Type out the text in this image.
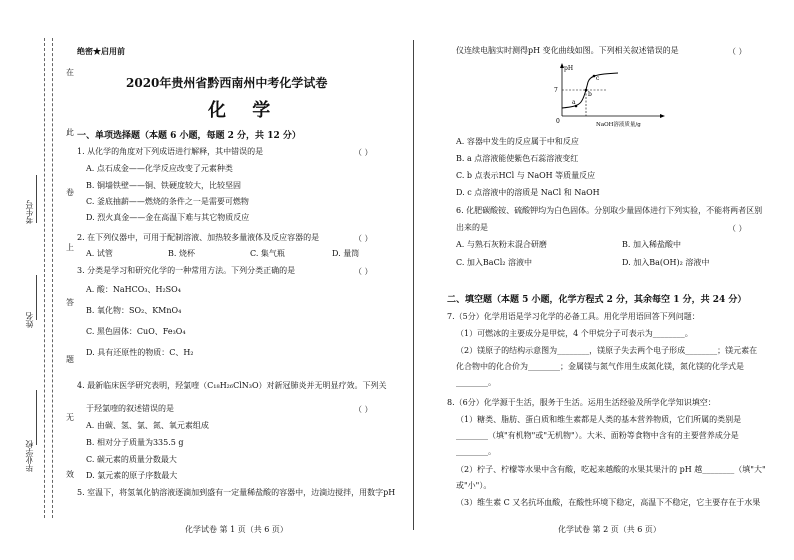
在
此
卷
上
答
题
无
效
考生号
姓名
毕业学校
绝密★启用前
2020年贵州省黔西南州中考化学试卷
化 学
一、单项选择题（本题 6 小题，每题 2 分，共 12 分）
1. 从化学的角度对下列成语进行解释，其中错误的是	（ ）
A. 点石成金——化学反应改变了元素种类
B. 铜墙铁壁——铜、铁硬度较大，比较坚固
C. 釜底抽薪——燃烧的条件之一是需要可燃物
D. 烈火真金——金在高温下难与其它物质反应
2. 在下列仪器中，可用于配制溶液、加热较多量液体及反应容器的是	（ ）
A. 试管	B. 烧杯	C. 集气瓶	D. 量筒
3. 分类是学习和研究化学的一种常用方法。下列分类正确的是	（ ）
A. 酸：NaHCO₃、H₂SO₄
B. 氧化物：SO₂、KMnO₄
C. 黑色固体：CuO、Fe₃O₄
D. 具有还原性的物质：C、H₂
4. 最新临床医学研究表明，羟氯喹（C₁₈H₂₆ClN₃O）对新冠肺炎并无明显疗效。下列关
于羟氯喹的叙述错误的是	（ ）
A. 由碳、氢、氯、氮、氧元素组成
B. 相对分子质量为335.5 g
C. 碳元素的质量分数最大
D. 氯元素的原子序数最大
5. 室温下，将氢氧化钠溶液逐滴加到盛有一定量稀盐酸的容器中，边滴边搅拌，用数字pH
化学试卷 第 1 页（共 6 页）
仪连续电脑实时测得pH 变化曲线如图。下列相关叙述错误的是	（ ）
pH
7
0	NaOH溶液质量/g
a
b
c
A. 容器中发生的反应属于中和反应
B. a 点溶液能使紫色石蕊溶液变红
C. b 点表示HCl 与 NaOH 等质量反应
D. c 点溶液中的溶质是 NaCl 和 NaOH
6. 化肥碳酸铵、硫酸钾均为白色固体。分别取少量固体进行下列实验，不能将两者区别
出来的是	（ ）
A. 与熟石灰粉末混合研磨	B. 加入稀盐酸中
C. 加入BaCl₂ 溶液中	D. 加入Ba(OH)₂ 溶液中
二、填空题（本题 5 小题，化学方程式 2 分，其余每空 1 分，共 24 分）
7.（5分）化学用语是学习化学的必备工具。用化学用语回答下列问题：
（1）可燃冰的主要成分是甲烷，4 个甲烷分子可表示为________。
（2）镁原子的结构示意图为________，镁原子失去两个电子形成________；镁元素在
化合物中的化合价为________；金属镁与氮气作用生成氮化镁，氮化镁的化学式是
________。
8.（6分）化学源于生活，服务于生活。运用生活经验及所学化学知识填空：
（1）糖类、脂肪、蛋白质和维生素都是人类的基本营养物质，它们所属的类别是
________（填"有机物"或"无机物"）。大米、面粉等食物中含有的主要营养成分是
________。
（2）柠子、柠檬等水果中含有酸，吃起来越酸的水果其果汁的 pH 越________（填"大"
或"小"）。
（3）维生素 C 又名抗坏血酸，在酸性环境下稳定，高温下不稳定，它主要存在于水果
化学试卷 第 2 页（共 6 页）
